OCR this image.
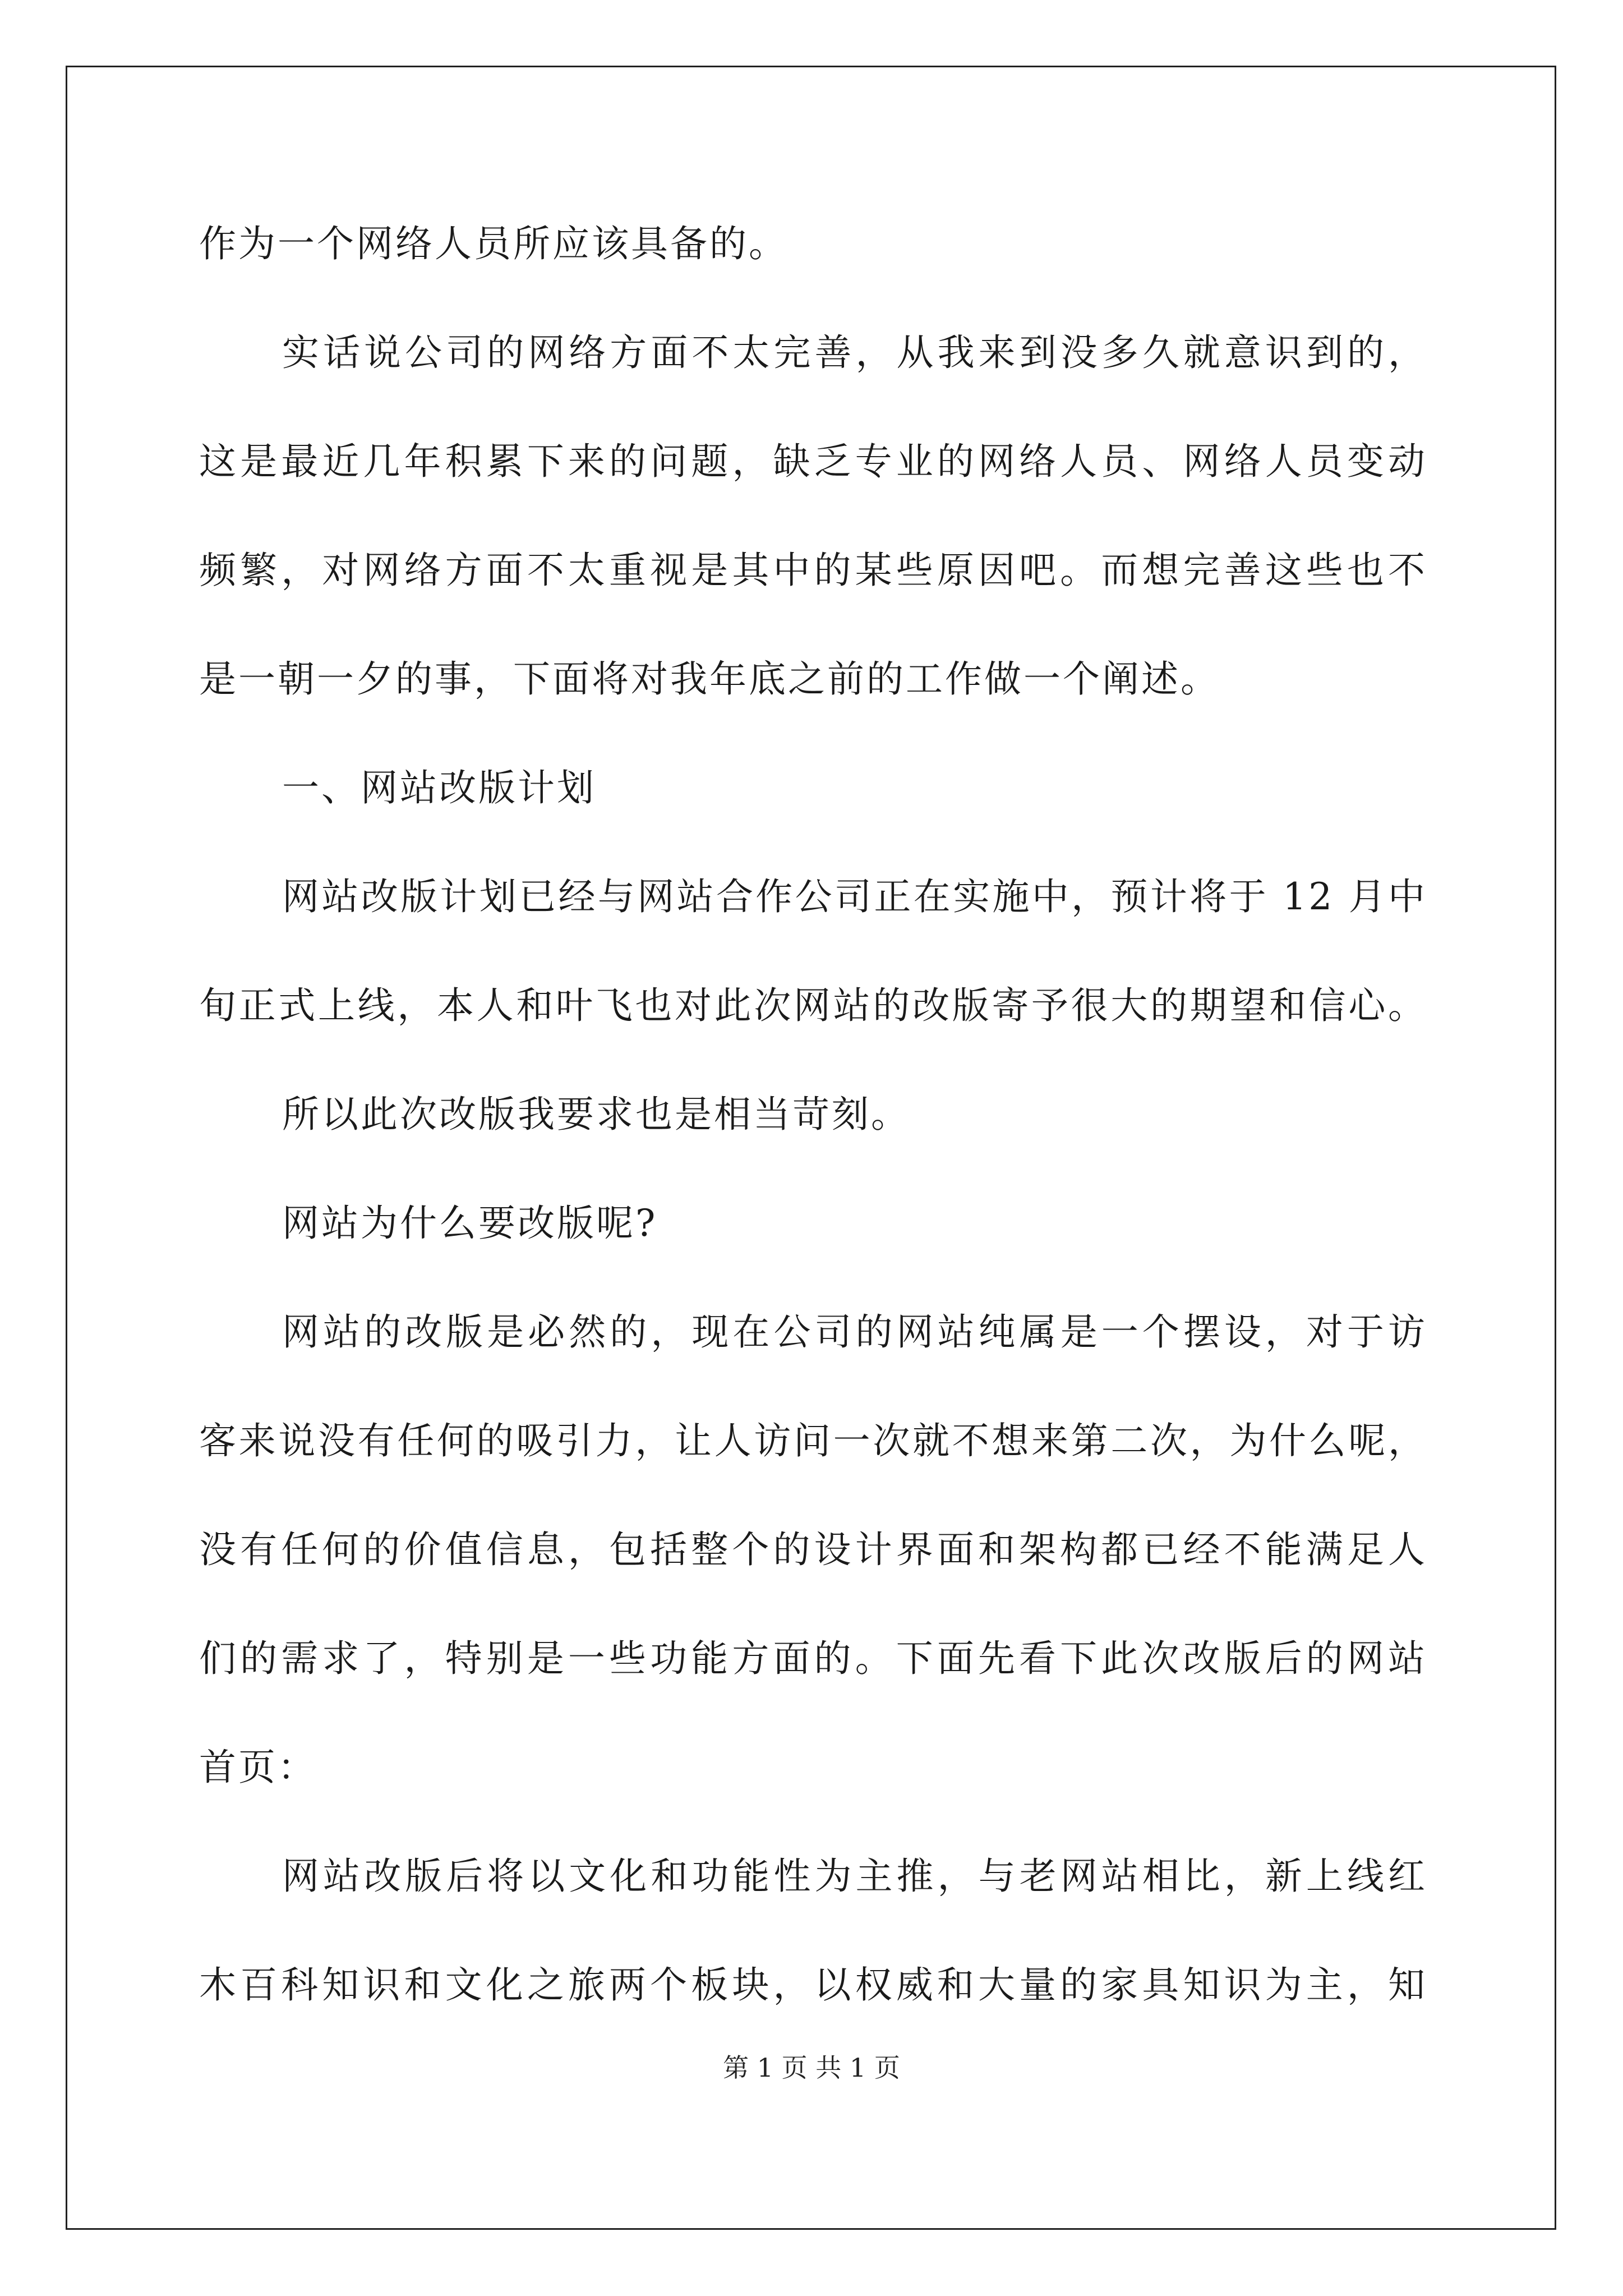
作为一个网络人员所应该具备的。
实话说公司的网络方面不太完善，从我来到没多久就意识到的，
这是最近几年积累下来的问题，缺乏专业的网络人员、网络人员变动
频繁，对网络方面不太重视是其中的某些原因吧。而想完善这些也不
是一朝一夕的事，下面将对我年底之前的工作做一个阐述。
一、网站改版计划
网站改版计划已经与网站合作公司正在实施中，预计将于 12 月中
旬正式上线，本人和叶飞也对此次网站的改版寄予很大的期望和信心。
所以此次改版我要求也是相当苛刻。
网站为什么要改版呢?
网站的改版是必然的，现在公司的网站纯属是一个摆设，对于访
客来说没有任何的吸引力，让人访问一次就不想来第二次，为什么呢，
没有任何的价值信息，包括整个的设计界面和架构都已经不能满足人
们的需求了，特别是一些功能方面的。下面先看下此次改版后的网站
首页：
网站改版后将以文化和功能性为主推，与老网站相比，新上线红
木百科知识和文化之旅两个板块，以权威和大量的家具知识为主，知
第 1 页 共 1 页
